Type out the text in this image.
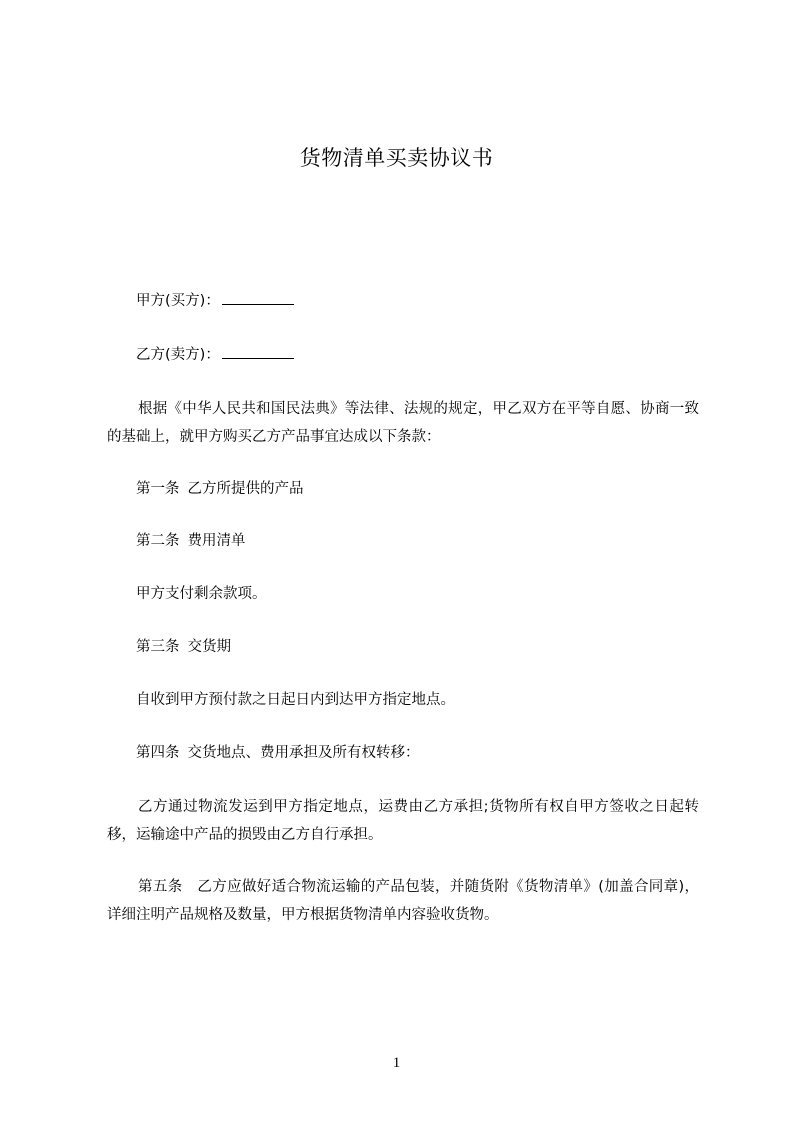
货物清单买卖协议书

甲方(买方)：

乙方(卖方)：

根据《中华人民共和国民法典》等法律、法规的规定，甲乙双方在平等自愿、协商一致的基础上，就甲方购买乙方产品事宜达成以下条款：

第一条 乙方所提供的产品

第二条 费用清单

甲方支付剩余款项。

第三条 交货期

自收到甲方预付款之日起日内到达甲方指定地点。

第四条 交货地点、费用承担及所有权转移：

乙方通过物流发运到甲方指定地点，运费由乙方承担;货物所有权自甲方签收之日起转移，运输途中产品的损毁由乙方自行承担。

第五条　乙方应做好适合物流运输的产品包装，并随货附《货物清单》(加盖合同章)，详细注明产品规格及数量，甲方根据货物清单内容验收货物。

1
